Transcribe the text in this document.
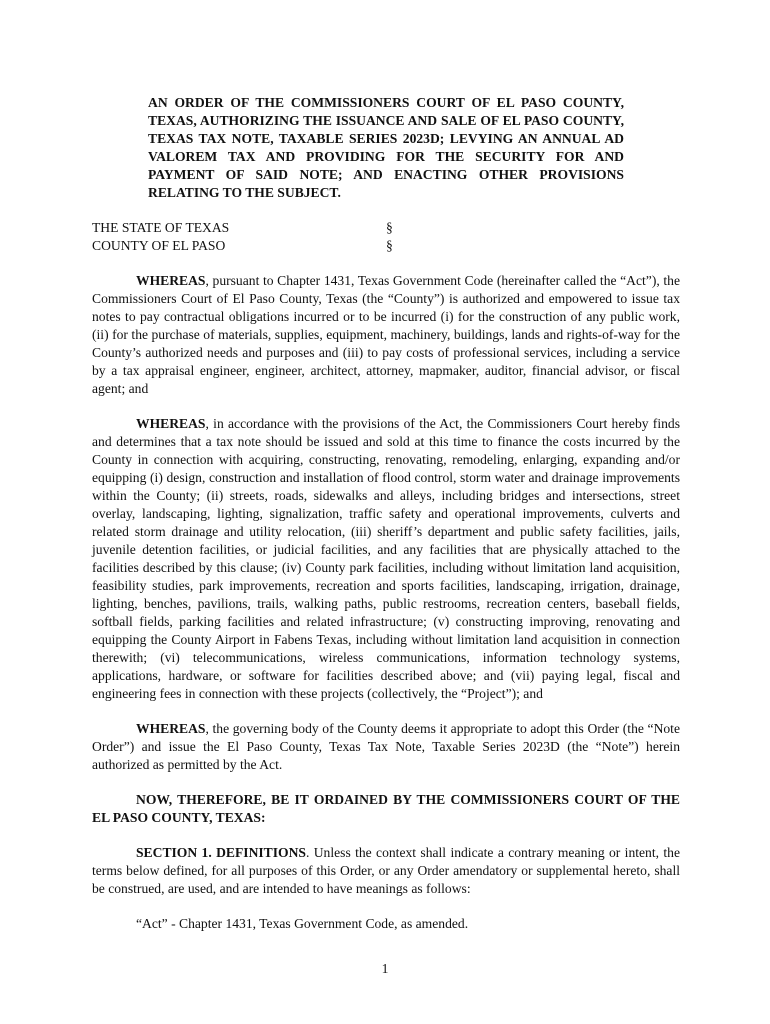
AN ORDER OF THE COMMISSIONERS COURT OF EL PASO COUNTY, TEXAS, AUTHORIZING THE ISSUANCE AND SALE OF EL PASO COUNTY, TEXAS TAX NOTE, TAXABLE SERIES 2023D; LEVYING AN ANNUAL AD VALOREM TAX AND PROVIDING FOR THE SECURITY FOR AND PAYMENT OF SAID NOTE; AND ENACTING OTHER PROVISIONS RELATING TO THE SUBJECT.

THE STATE OF TEXAS	§
COUNTY OF EL PASO	§

WHEREAS, pursuant to Chapter 1431, Texas Government Code (hereinafter called the “Act”), the Commissioners Court of El Paso County, Texas (the “County”) is authorized and empowered to issue tax notes to pay contractual obligations incurred or to be incurred (i) for the construction of any public work, (ii) for the purchase of materials, supplies, equipment, machinery, buildings, lands and rights-of-way for the County’s authorized needs and purposes and (iii) to pay costs of professional services, including a service by a tax appraisal engineer, engineer, architect, attorney, mapmaker, auditor, financial advisor, or fiscal agent; and

WHEREAS, in accordance with the provisions of the Act, the Commissioners Court hereby finds and determines that a tax note should be issued and sold at this time to finance the costs incurred by the County in connection with acquiring, constructing, renovating, remodeling, enlarging, expanding and/or equipping (i) design, construction and installation of flood control, storm water and drainage improvements within the County; (ii) streets, roads, sidewalks and alleys, including bridges and intersections, street overlay, landscaping, lighting, signalization, traffic safety and operational improvements, culverts and related storm drainage and utility relocation, (iii) sheriff’s department and public safety facilities, jails, juvenile detention facilities, or judicial facilities, and any facilities that are physically attached to the facilities described by this clause; (iv) County park facilities, including without limitation land acquisition, feasibility studies, park improvements, recreation and sports facilities, landscaping, irrigation, drainage, lighting, benches, pavilions, trails, walking paths, public restrooms, recreation centers, baseball fields, softball fields, parking facilities and related infrastructure; (v) constructing improving, renovating and equipping the County Airport in Fabens Texas, including without limitation land acquisition in connection therewith; (vi) telecommunications, wireless communications, information technology systems, applications, hardware, or software for facilities described above; and (vii) paying legal, fiscal and engineering fees in connection with these projects (collectively, the “Project”); and

WHEREAS, the governing body of the County deems it appropriate to adopt this Order (the “Note Order”) and issue the El Paso County, Texas Tax Note, Taxable Series 2023D (the “Note”) herein authorized as permitted by the Act.

NOW, THEREFORE, BE IT ORDAINED BY THE COMMISSIONERS COURT OF THE EL PASO COUNTY, TEXAS:

SECTION 1. DEFINITIONS. Unless the context shall indicate a contrary meaning or intent, the terms below defined, for all purposes of this Order, or any Order amendatory or supplemental hereto, shall be construed, are used, and are intended to have meanings as follows:

“Act” - Chapter 1431, Texas Government Code, as amended.

1
